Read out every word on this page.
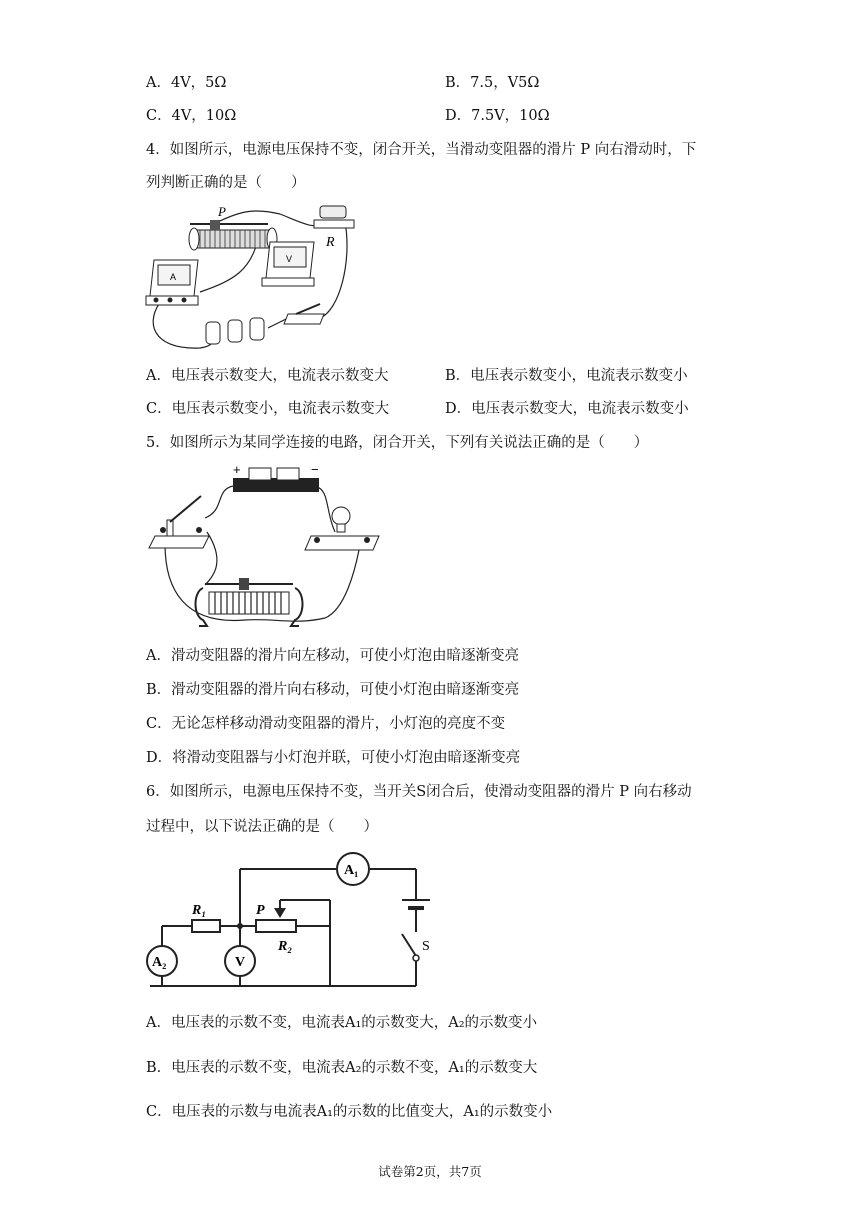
A．4V，5Ω	B．7.5，V5Ω
C．4V，10Ω	D．7.5V，10Ω
4．如图所示，电源电压保持不变，闭合开关，当滑动变阻器的滑片 P 向右滑动时，下
列判断正确的是（　　）
P
R
V
A
A．电压表示数变大，电流表示数变大	B．电压表示数变小，电流表示数变小
C．电压表示数变小，电流表示数变大	D．电压表示数变大，电流表示数变小
5．如图所示为某同学连接的电路，闭合开关，下列有关说法正确的是（　　）
+	−
A．滑动变阻器的滑片向左移动，可使小灯泡由暗逐渐变亮
B．滑动变阻器的滑片向右移动，可使小灯泡由暗逐渐变亮
C．无论怎样移动滑动变阻器的滑片，小灯泡的亮度不变
D．将滑动变阻器与小灯泡并联，可使小灯泡由暗逐渐变亮
6．如图所示，电源电压保持不变，当开关S闭合后，使滑动变阻器的滑片 P 向右移动
过程中，以下说法正确的是（　　）
A₁
A₂	V
R₁	P
R₂	S
A．电压表的示数不变，电流表A₁的示数变大，A₂的示数变小
B．电压表的示数不变，电流表A₂的示数不变，A₁的示数变大
C．电压表的示数与电流表A₁的示数的比值变大，A₁的示数变小
试卷第2页，共7页
